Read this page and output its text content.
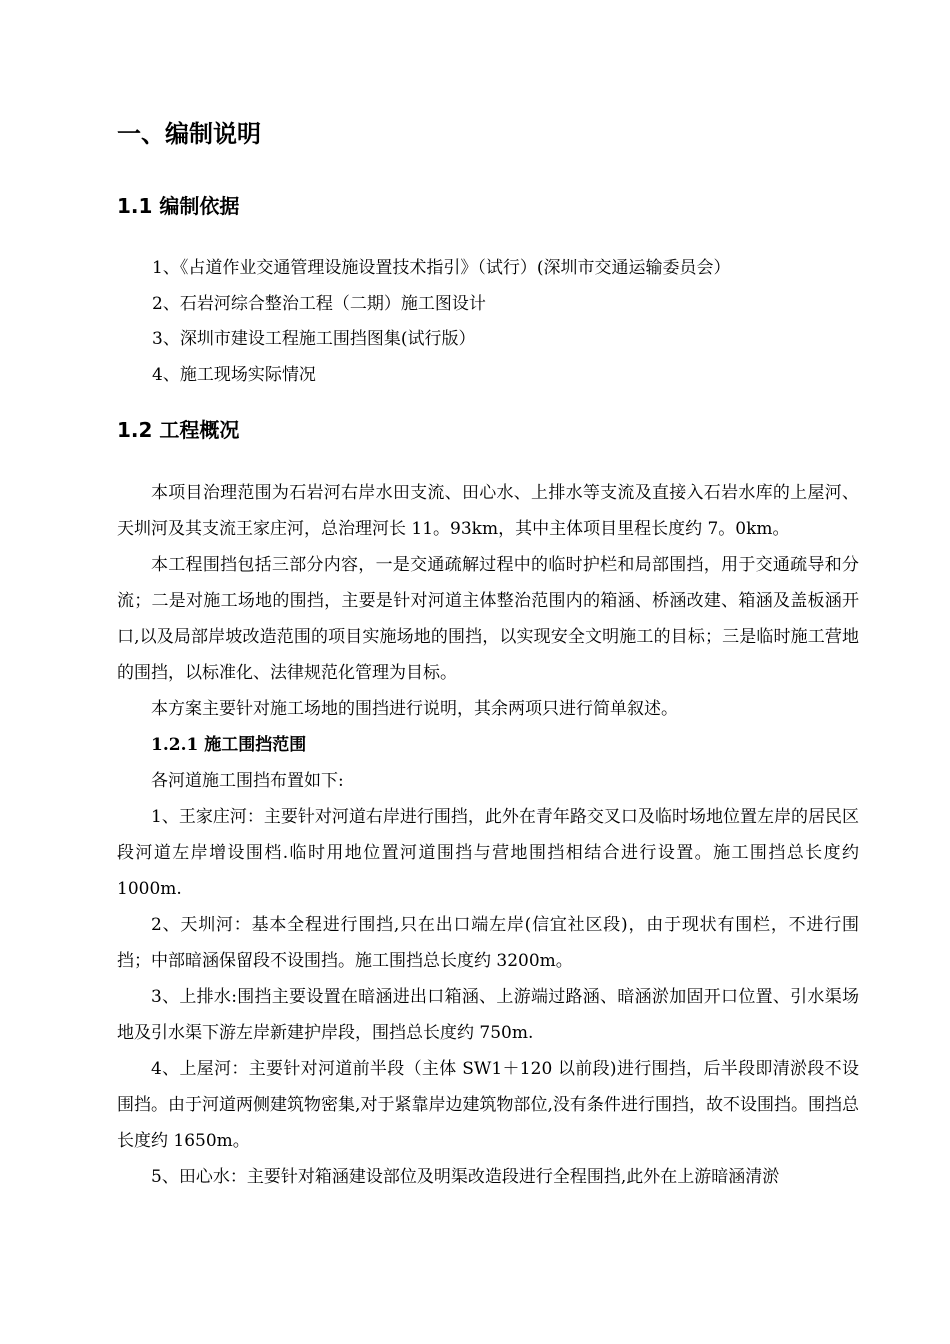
一、编制说明
1.1 编制依据
1、《占道作业交通管理设施设置技术指引》（试行）(深圳市交通运输委员会）
2、石岩河综合整治工程（二期）施工图设计
3、深圳市建设工程施工围挡图集(试行版）
4、施工现场实际情况
1.2 工程概况

本项目治理范围为石岩河右岸水田支流、田心水、上排水等支流及直接入石岩水库的上屋河、天圳河及其支流王家庄河，总治理河长 11。93km，其中主体项目里程长度约 7。0km。

本工程围挡包括三部分内容，一是交通疏解过程中的临时护栏和局部围挡，用于交通疏导和分流；二是对施工场地的围挡，主要是针对河道主体整治范围内的箱涵、桥涵改建、箱涵及盖板涵开口,以及局部岸坡改造范围的项目实施场地的围挡，以实现安全文明施工的目标；三是临时施工营地的围挡，以标准化、法律规范化管理为目标。

本方案主要针对施工场地的围挡进行说明，其余两项只进行简单叙述。

1.2.1 施工围挡范围

各河道施工围挡布置如下:

1、王家庄河：主要针对河道右岸进行围挡，此外在青年路交叉口及临时场地位置左岸的居民区段河道左岸增设围档.临时用地位置河道围挡与营地围挡相结合进行设置。施工围挡总长度约 1000m.

2、天圳河：基本全程进行围挡,只在出口端左岸(信宜社区段)，由于现状有围栏，不进行围挡；中部暗涵保留段不设围挡。施工围挡总长度约 3200m。

3、上排水:围挡主要设置在暗涵进出口箱涵、上游端过路涵、暗涵淤加固开口位置、引水渠场地及引水渠下游左岸新建护岸段，围挡总长度约 750m.

4、上屋河：主要针对河道前半段（主体 SW1＋120 以前段)进行围挡，后半段即清淤段不设围挡。由于河道两侧建筑物密集,对于紧靠岸边建筑物部位,没有条件进行围挡，故不设围挡。围挡总长度约 1650m。

5、田心水：主要针对箱涵建设部位及明渠改造段进行全程围挡,此外在上游暗涵清淤
